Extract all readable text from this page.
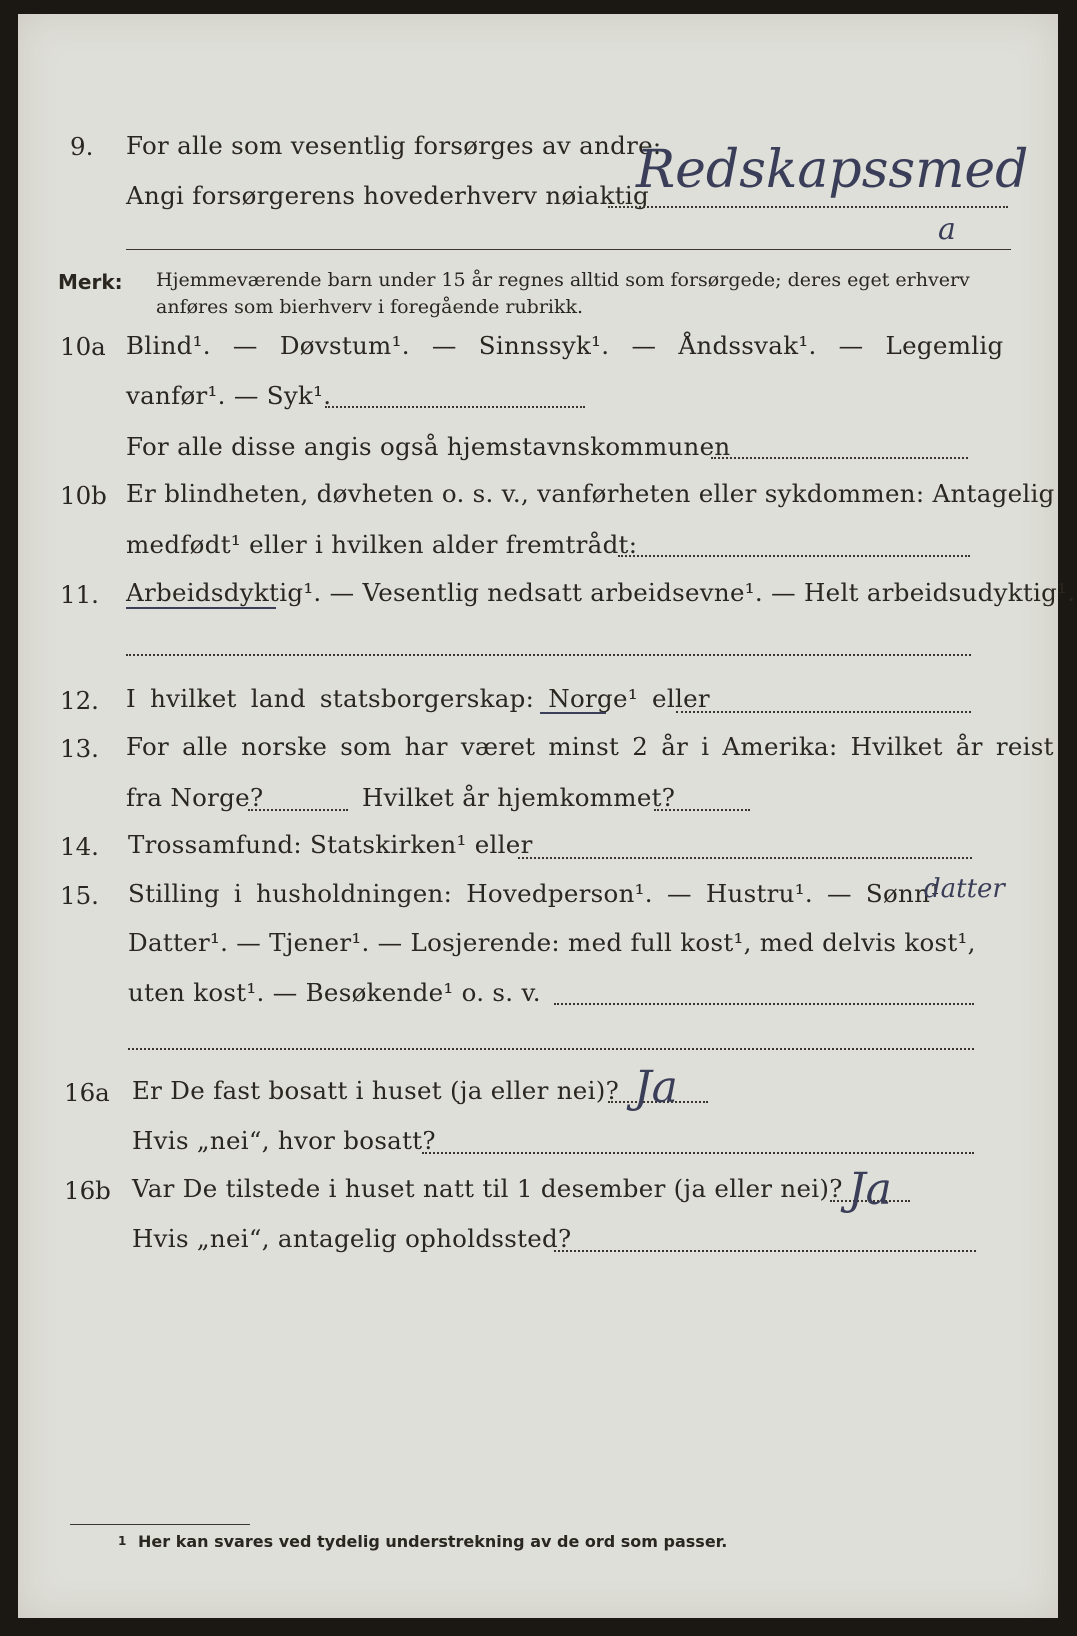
9. For alle som vesentlig forsørges av andre:
Angi forsørgerens hovederhverv nøiaktig
Redskapssmed
a
Merk: Hjemmeværende barn under 15 år regnes alltid som forsørgede; deres eget erhverv
anføres som bierhverv i foregående rubrikk.
10a Blind¹. — Døvstum¹. — Sinnssyk¹. — Åndssvak¹. — Legemlig
vanfør¹. — Syk¹.
For alle disse angis også hjemstavnskommunen
10b Er blindheten, døvheten o. s. v., vanførheten eller sykdommen: Antagelig
medfødt¹ eller i hvilken alder fremtrådt:
11. Arbeidsdyktig¹. — Vesentlig nedsatt arbeidsevne¹. — Helt arbeidsudyktig¹.
12. I hvilket land statsborgerskap: Norge¹ eller
13. For alle norske som har været minst 2 år i Amerika: Hvilket år reist
fra Norge?	Hvilket år hjemkommet?
14. Trossamfund: Statskirken¹ eller
15. Stilling i husholdningen: Hovedperson¹. — Hustru¹. — Sønn¹
datter
Datter¹. — Tjener¹. — Losjerende: med full kost¹, med delvis kost¹,
uten kost¹. — Besøkende¹ o. s. v.
16a Er De fast bosatt i huset (ja eller nei)? Ja
Hvis „nei“, hvor bosatt?
16b Var De tilstede i huset natt til 1 desember (ja eller nei)? Ja
Hvis „nei“, antagelig opholdssted?
1 Her kan svares ved tydelig understrekning av de ord som passer.
